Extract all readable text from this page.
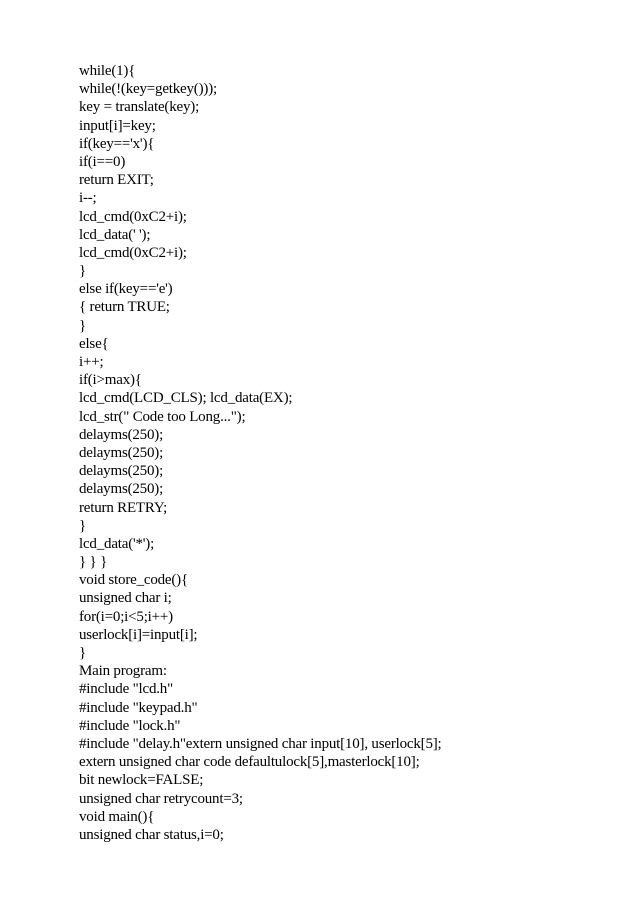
while(1){
while(!(key=getkey()));
key = translate(key);
input[i]=key;
if(key=='x'){
if(i==0)
return EXIT;
i--;
lcd_cmd(0xC2+i);
lcd_data(' ');
lcd_cmd(0xC2+i);
}
else if(key=='e')
{ return TRUE;
}
else{
i++;
if(i>max){
lcd_cmd(LCD_CLS); lcd_data(EX);
lcd_str(" Code too Long...");
delayms(250);
delayms(250);
delayms(250);
delayms(250);
return RETRY;
}
lcd_data('*');
} } }
void store_code(){
unsigned char i;
for(i=0;i<5;i++)
userlock[i]=input[i];
}
Main program:
#include "lcd.h"
#include "keypad.h"
#include "lock.h"
#include "delay.h"extern unsigned char input[10], userlock[5];
extern unsigned char code defaultulock[5],masterlock[10];
bit newlock=FALSE;
unsigned char retrycount=3;
void main(){
unsigned char status,i=0;
